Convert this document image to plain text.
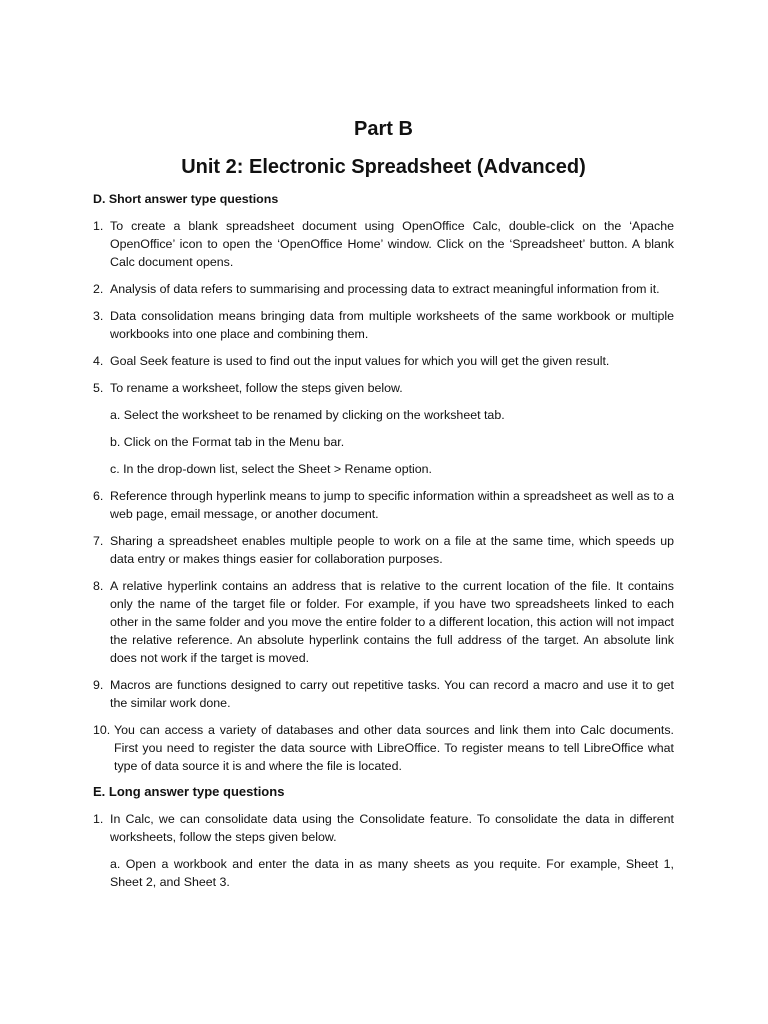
Part B
Unit 2: Electronic Spreadsheet (Advanced)
D. Short answer type questions
1. To create a blank spreadsheet document using OpenOffice Calc, double-click on the ‘Apache OpenOffice’ icon to open the ‘OpenOffice Home’ window. Click on the ‘Spreadsheet’ button. A blank Calc document opens.
2. Analysis of data refers to summarising and processing data to extract meaningful information from it.
3. Data consolidation means bringing data from multiple worksheets of the same workbook or multiple workbooks into one place and combining them.
4. Goal Seek feature is used to find out the input values for which you will get the given result.
5. To rename a worksheet, follow the steps given below.
a. Select the worksheet to be renamed by clicking on the worksheet tab.
b. Click on the Format tab in the Menu bar.
c. In the drop-down list, select the Sheet > Rename option.
6. Reference through hyperlink means to jump to specific information within a spreadsheet as well as to a web page, email message, or another document.
7. Sharing a spreadsheet enables multiple people to work on a file at the same time, which speeds up data entry or makes things easier for collaboration purposes.
8. A relative hyperlink contains an address that is relative to the current location of the file. It contains only the name of the target file or folder. For example, if you have two spreadsheets linked to each other in the same folder and you move the entire folder to a different location, this action will not impact the relative reference. An absolute hyperlink contains the full address of the target. An absolute link does not work if the target is moved.
9. Macros are functions designed to carry out repetitive tasks. You can record a macro and use it to get the similar work done.
10. You can access a variety of databases and other data sources and link them into Calc documents. First you need to register the data source with LibreOffice. To register means to tell LibreOffice what type of data source it is and where the file is located.
E. Long answer type questions
1. In Calc, we can consolidate data using the Consolidate feature. To consolidate the data in different worksheets, follow the steps given below.
a. Open a workbook and enter the data in as many sheets as you requite. For example, Sheet 1, Sheet 2, and Sheet 3.
